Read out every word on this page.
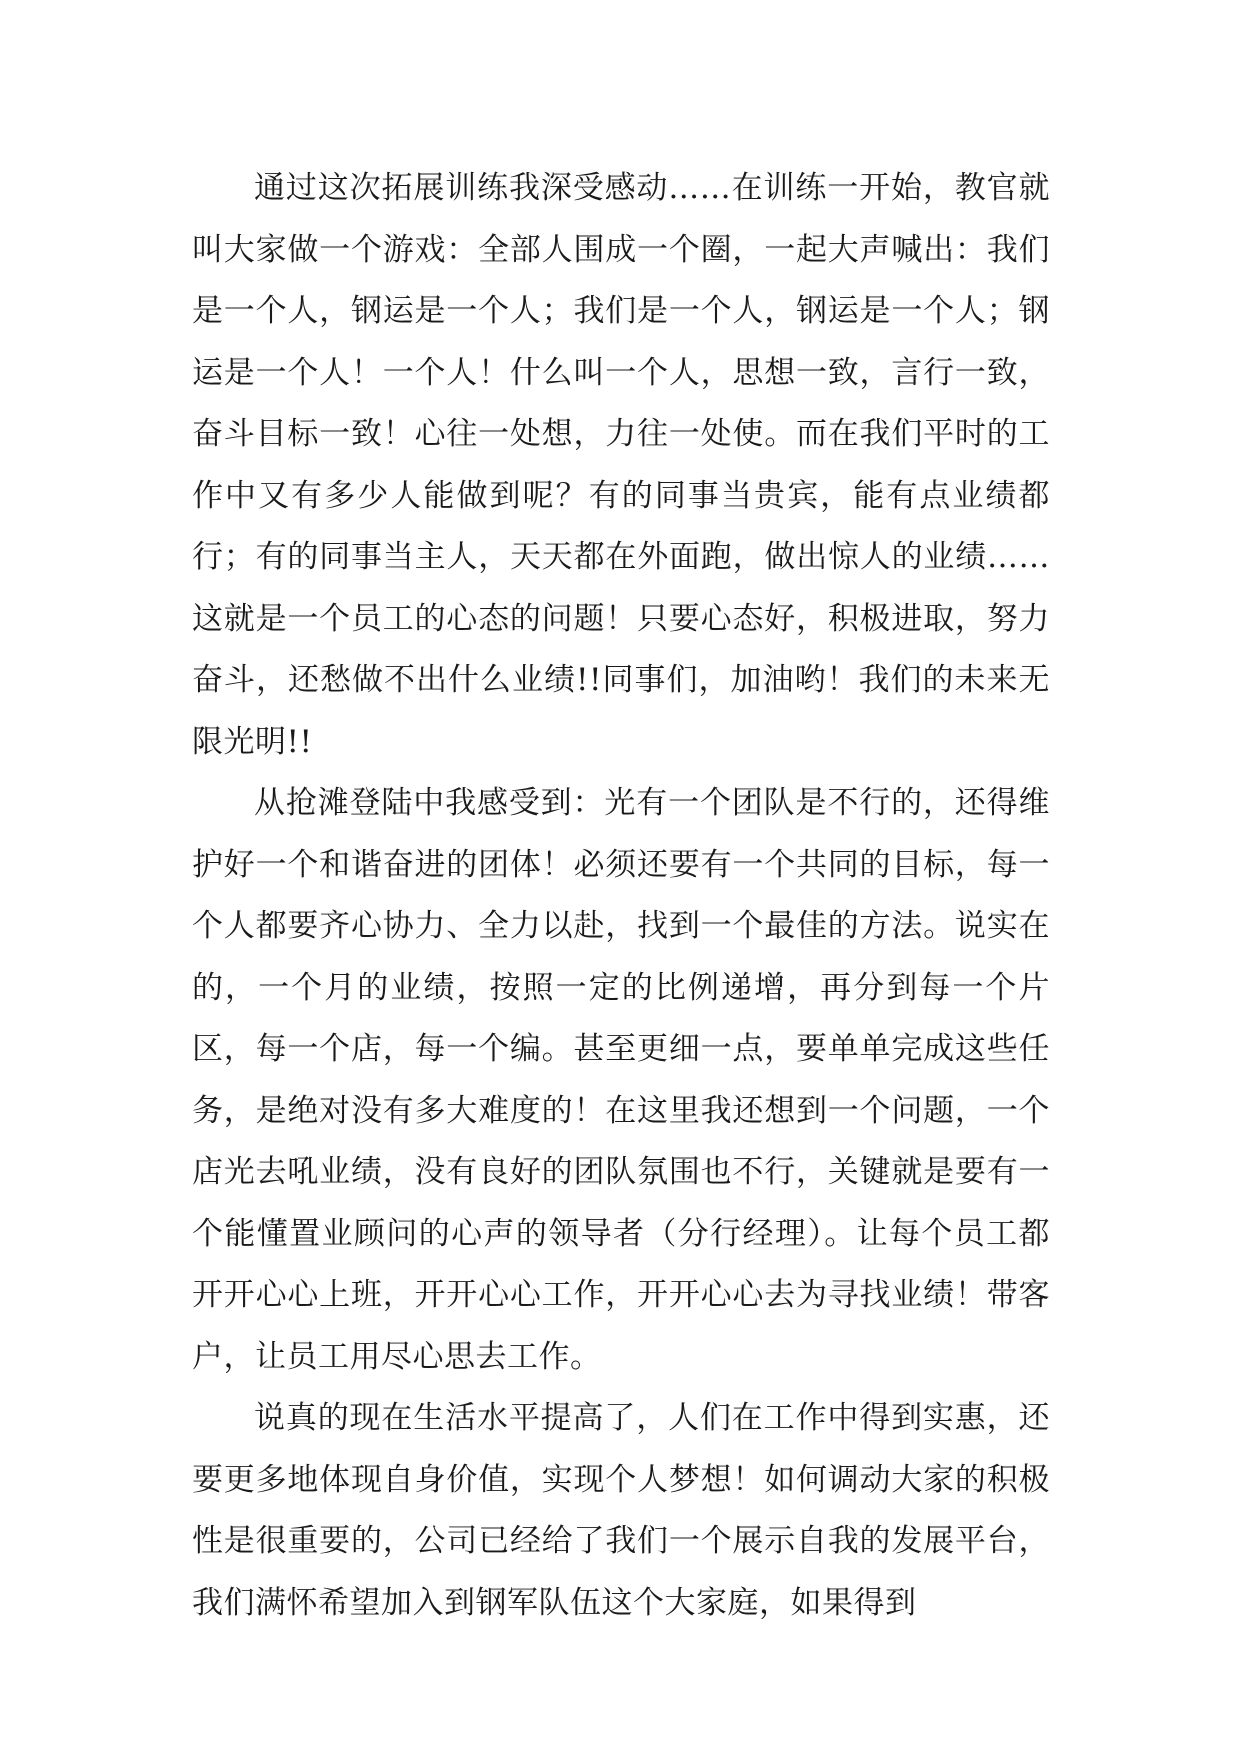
通过这次拓展训练我深受感动……在训练一开始，教官就叫大家做一个游戏：全部人围成一个圈，一起大声喊出：我们是一个人，钢运是一个人；我们是一个人，钢运是一个人；钢运是一个人！一个人！什么叫一个人，思想一致，言行一致，奋斗目标一致！心往一处想，力往一处使。而在我们平时的工作中又有多少人能做到呢？有的同事当贵宾，能有点业绩都行；有的同事当主人，天天都在外面跑，做出惊人的业绩……这就是一个员工的心态的问题！只要心态好，积极进取，努力奋斗，还愁做不出什么业绩!!同事们，加油哟！我们的未来无限光明!!

从抢滩登陆中我感受到：光有一个团队是不行的，还得维护好一个和谐奋进的团体！必须还要有一个共同的目标，每一个人都要齐心协力、全力以赴，找到一个最佳的方法。说实在的，一个月的业绩，按照一定的比例递增，再分到每一个片区，每一个店，每一个编。甚至更细一点，要单单完成这些任务，是绝对没有多大难度的！在这里我还想到一个问题，一个店光去吼业绩，没有良好的团队氛围也不行，关键就是要有一个能懂置业顾问的心声的领导者（分行经理）。让每个员工都开开心心上班，开开心心工作，开开心心去为寻找业绩！带客户，让员工用尽心思去工作。

说真的现在生活水平提高了，人们在工作中得到实惠，还要更多地体现自身价值，实现个人梦想！如何调动大家的积极性是很重要的，公司已经给了我们一个展示自我的发展平台，我们满怀希望加入到钢军队伍这个大家庭，如果得到
